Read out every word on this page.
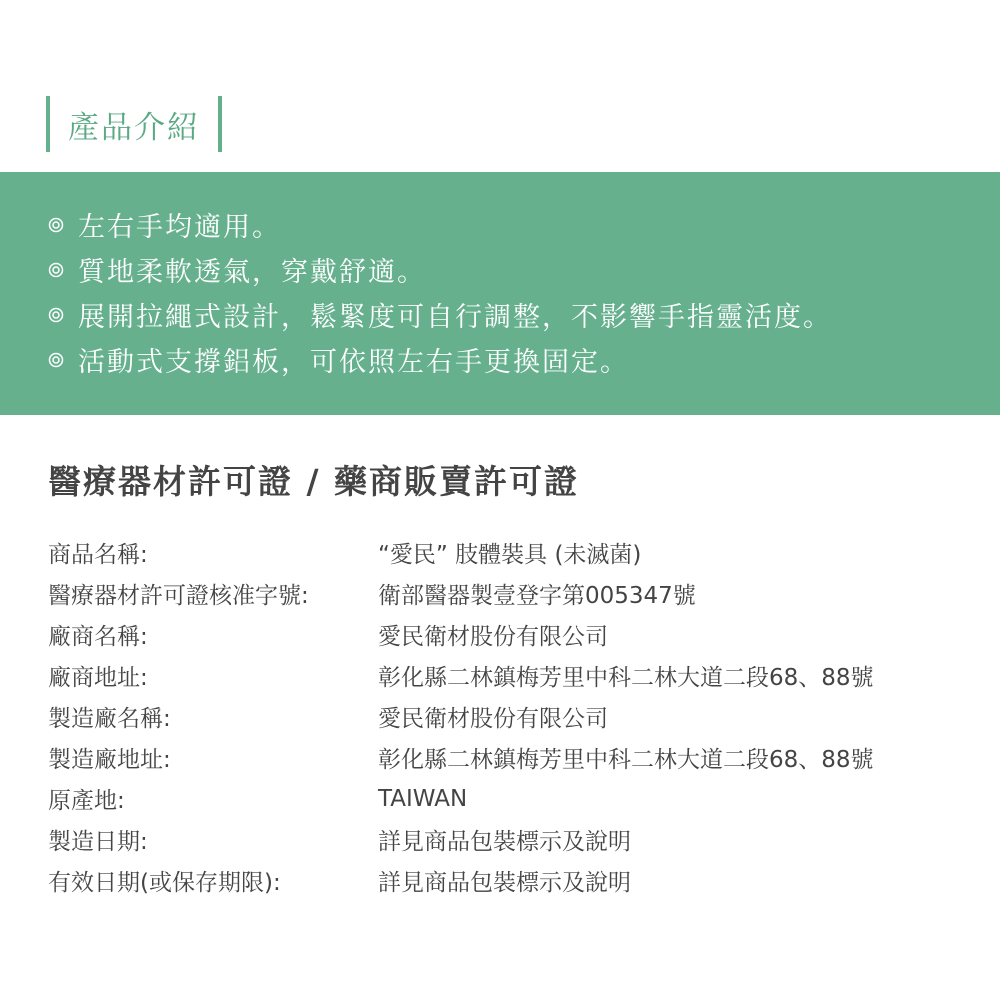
產品介紹
左右手均適用。
質地柔軟透氣，穿戴舒適。
展開拉繩式設計，鬆緊度可自行調整，不影響手指靈活度。
活動式支撐鋁板，可依照左右手更換固定。
醫療器材許可證 / 藥商販賣許可證
商品名稱:	“愛民” 肢體裝具 (未滅菌)
醫療器材許可證核准字號:	衛部醫器製壹登字第005347號
廠商名稱:	愛民衛材股份有限公司
廠商地址:	彰化縣二林鎮梅芳里中科二林大道二段68、88號
製造廠名稱:	愛民衛材股份有限公司
製造廠地址:	彰化縣二林鎮梅芳里中科二林大道二段68、88號
原產地:	TAIWAN
製造日期:	詳見商品包裝標示及說明
有效日期(或保存期限):	詳見商品包裝標示及說明
